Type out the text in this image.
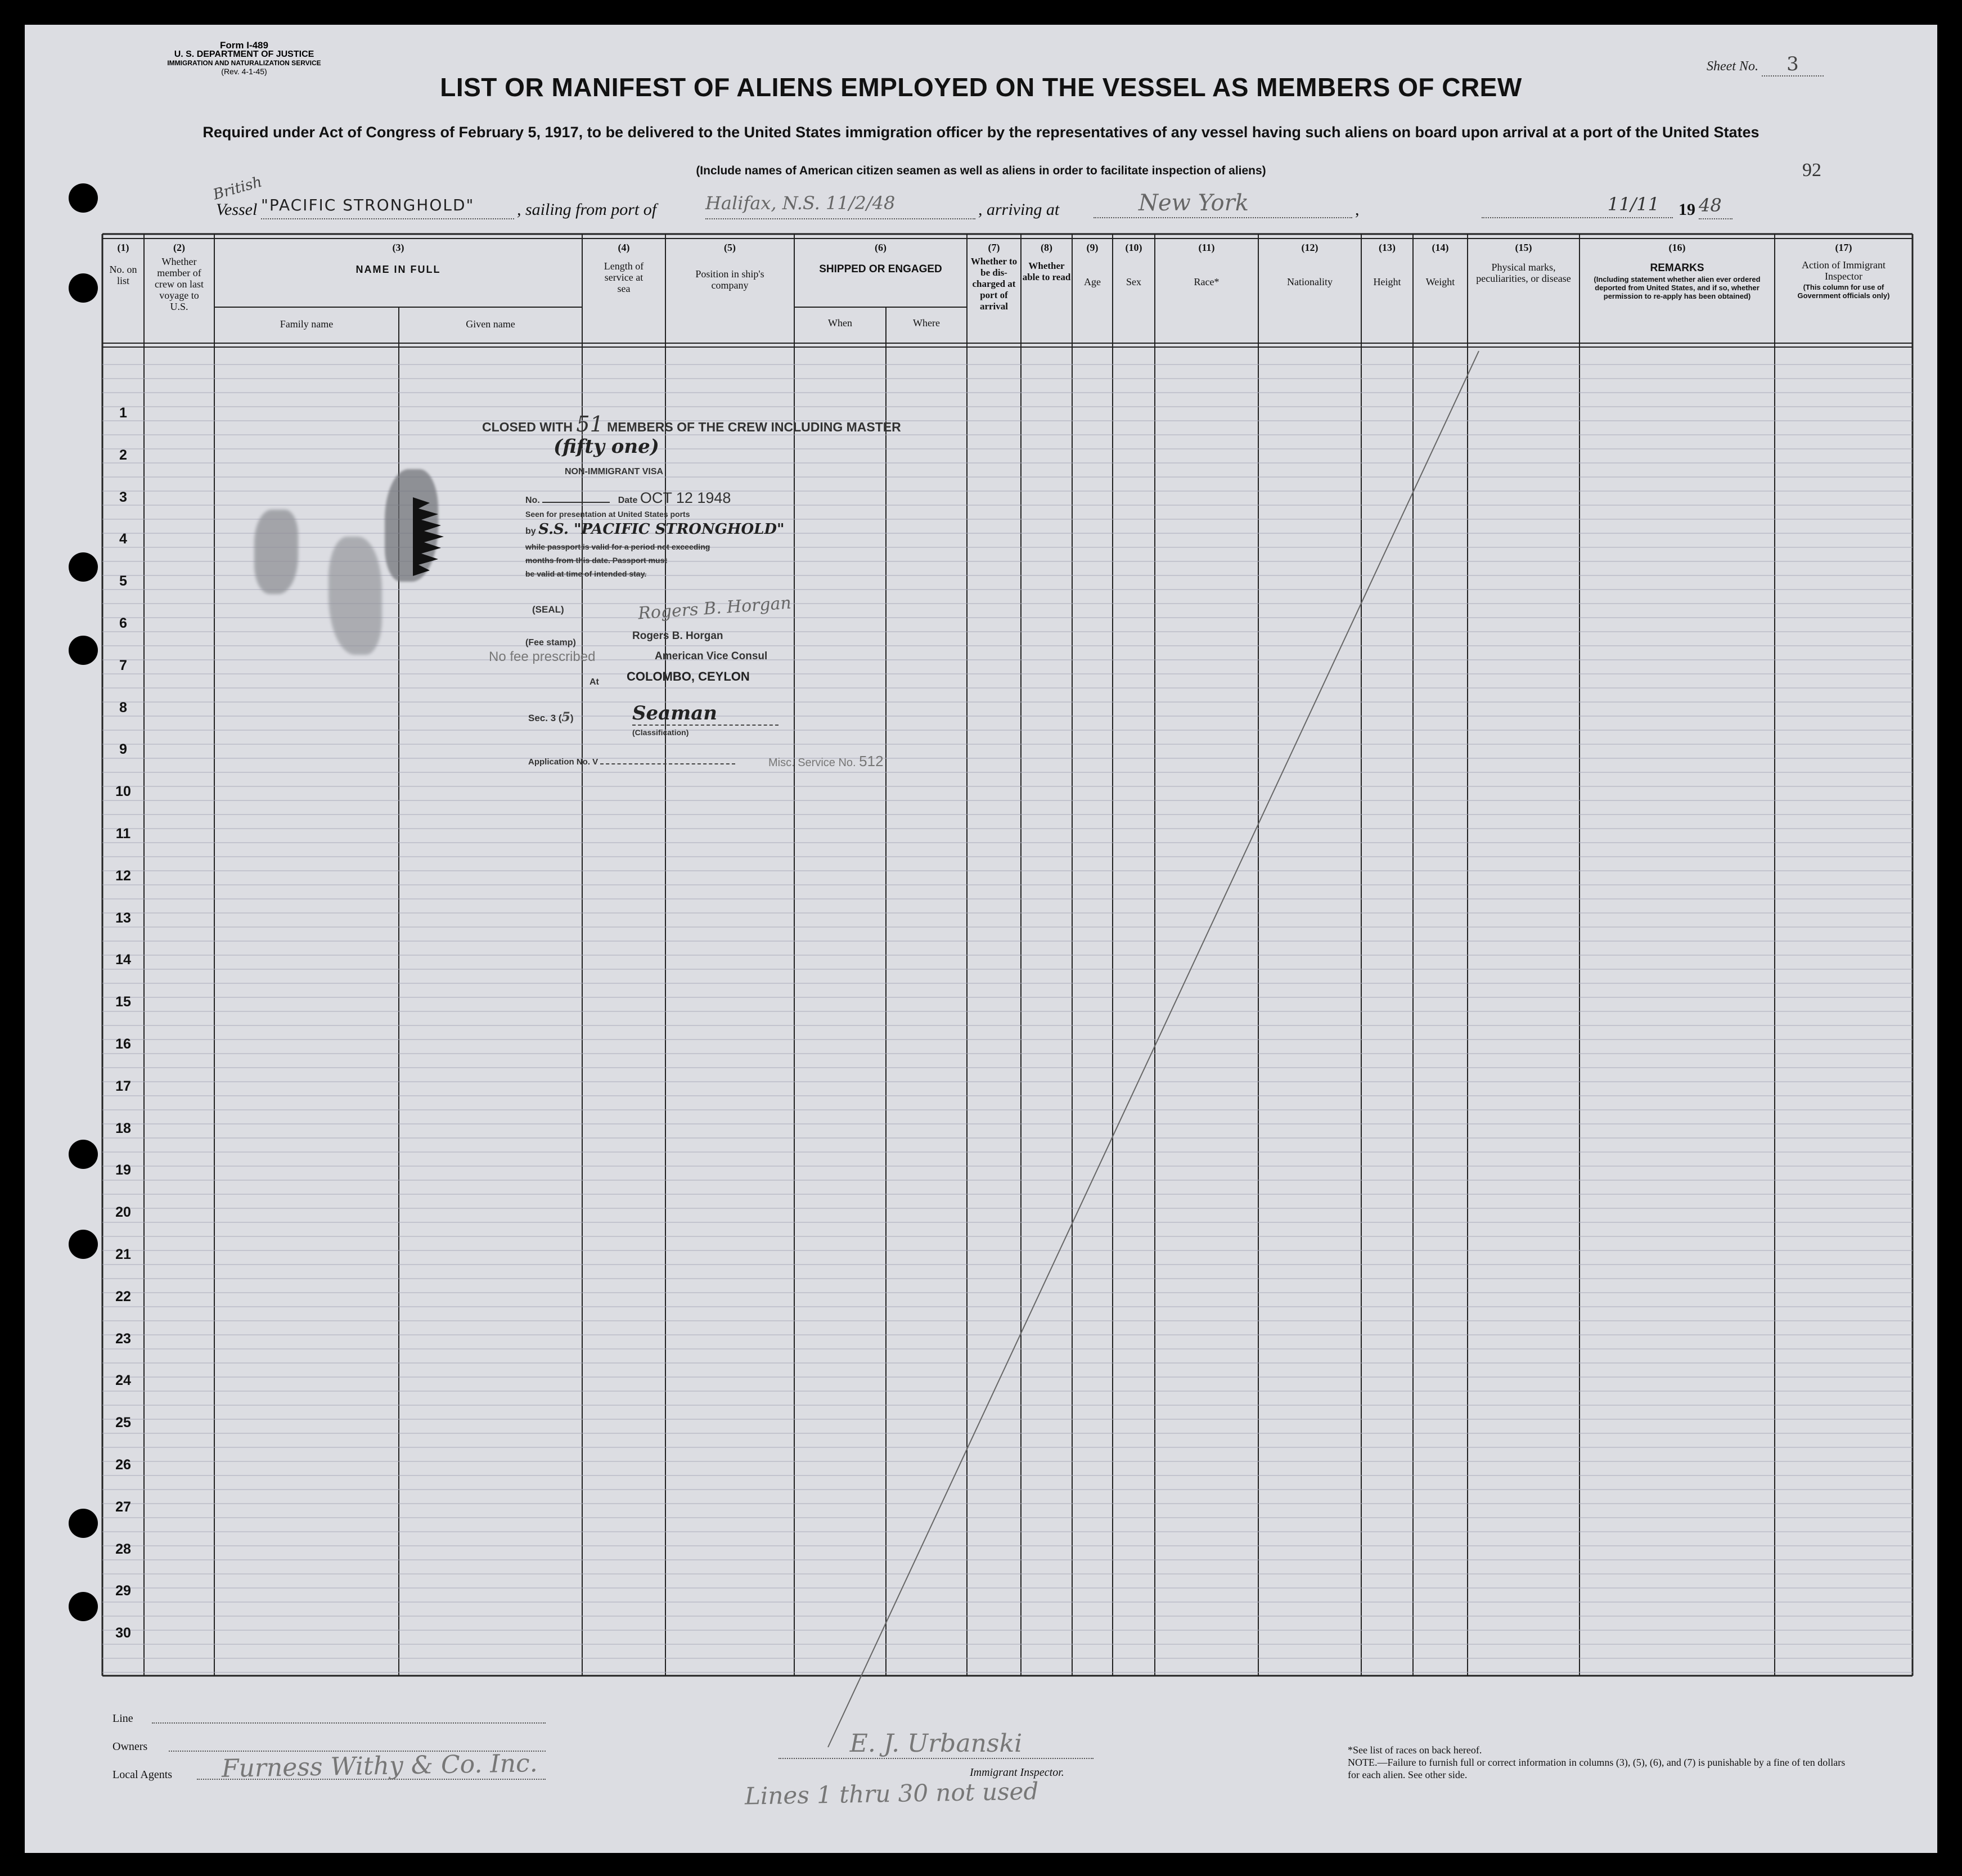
Form I-489
U. S. DEPARTMENT OF JUSTICE
IMMIGRATION AND NATURALIZATION SERVICE
(Rev. 4-1-45)	Sheet No. 3
LIST OR MANIFEST OF ALIENS EMPLOYED ON THE VESSEL AS MEMBERS OF CREW
Required under Act of Congress of February 5, 1917, to be delivered to the United States immigration officer by the representatives of any vessel having such aliens on board upon arrival at a port of the United States
(Include names of American citizen seamen as well as aliens in order to facilitate inspection of aliens)	92
British
Vessel "PACIFIC STRONGHOLD"	, sailing from port of	Halifax, N.S. 11/2/48	, arriving at	New York	,	11/11	19 48
(1)
No. on list
(2)
Whether member of crew on last voyage to U.S.
(3)
NAME IN FULL
Family name	Given name
(4)
Length of service at sea
(5)
Position in ship's company
(6)
SHIPPED OR ENGAGED
When	Where
(7)
Whether to be dis-charged at port of arrival
(8)
Whether able to read
(9)
Age
(10)
Sex
(11)
Race*
(12)
Nationality
(13)
Height
(14)
Weight
(15)
Physical marks, peculiarities, or disease
(16)
REMARKS
(Including statement whether alien ever ordered deported from United States, and if so, whether permission to re-apply has been obtained)
(17)
Action of Immigrant Inspector
(This column for use of Government officials only)
1
2
3
4
5
6
7
8
9
10
11
12
13
14
15
16
17
18
19
20
21
22
23
24
25
26
27
28
29
30
CLOSED WITH 51 MEMBERS OF THE CREW INCLUDING MASTER
(fifty one)
NON-IMMIGRANT VISA
No.	Date OCT 12 1948
Seen for presentation at United States ports
by S.S. "PACIFIC STRONGHOLD"
while passport is valid for a period not exceeding
months from this date. Passport must
be valid at time of intended stay.
(SEAL)	Rogers B. Horgan
Rogers B. Horgan
(Fee stamp)
No fee prescribed	American Vice Consul
At COLOMBO, CEYLON
Sec. 3 (5)	Seaman
(Classification)
Application No. V	Misc. Service No. 512
Line
Owners
Local Agents Furness Withy & Co. Inc.
E. J. Urbanski
Immigrant Inspector.
Lines 1 thru 30 not used
*See list of races on back hereof.
NOTE.—Failure to furnish full or correct information in columns (3), (5), (6), and (7) is punishable by a fine of ten dollars for each alien. See other side.
